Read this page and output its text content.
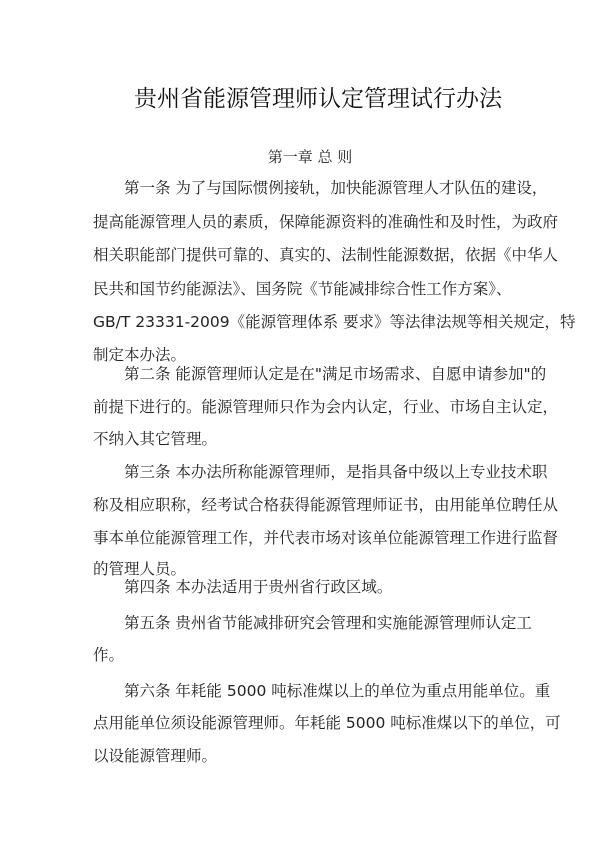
贵州省能源管理师认定管理试行办法
第一章 总 则
第一条 为了与国际惯例接轨，加快能源管理人才队伍的建设，
提高能源管理人员的素质，保障能源资料的准确性和及时性，为政府
相关职能部门提供可靠的、真实的、法制性能源数据，依据《中华人
民共和国节约能源法》、国务院《节能减排综合性工作方案》、
GB/T 23331-2009《能源管理体系 要求》等法律法规等相关规定，特
制定本办法。
第二条 能源管理师认定是在"满足市场需求、自愿申请参加"的
前提下进行的。能源管理师只作为会内认定，行业、市场自主认定，
不纳入其它管理。
第三条 本办法所称能源管理师，是指具备中级以上专业技术职
称及相应职称，经考试合格获得能源管理师证书，由用能单位聘任从
事本单位能源管理工作，并代表市场对该单位能源管理工作进行监督
的管理人员。
第四条 本办法适用于贵州省行政区域。
第五条 贵州省节能减排研究会管理和实施能源管理师认定工
作。
第六条 年耗能 5000 吨标准煤以上的单位为重点用能单位。重
点用能单位须设能源管理师。年耗能 5000 吨标准煤以下的单位，可
以设能源管理师。
